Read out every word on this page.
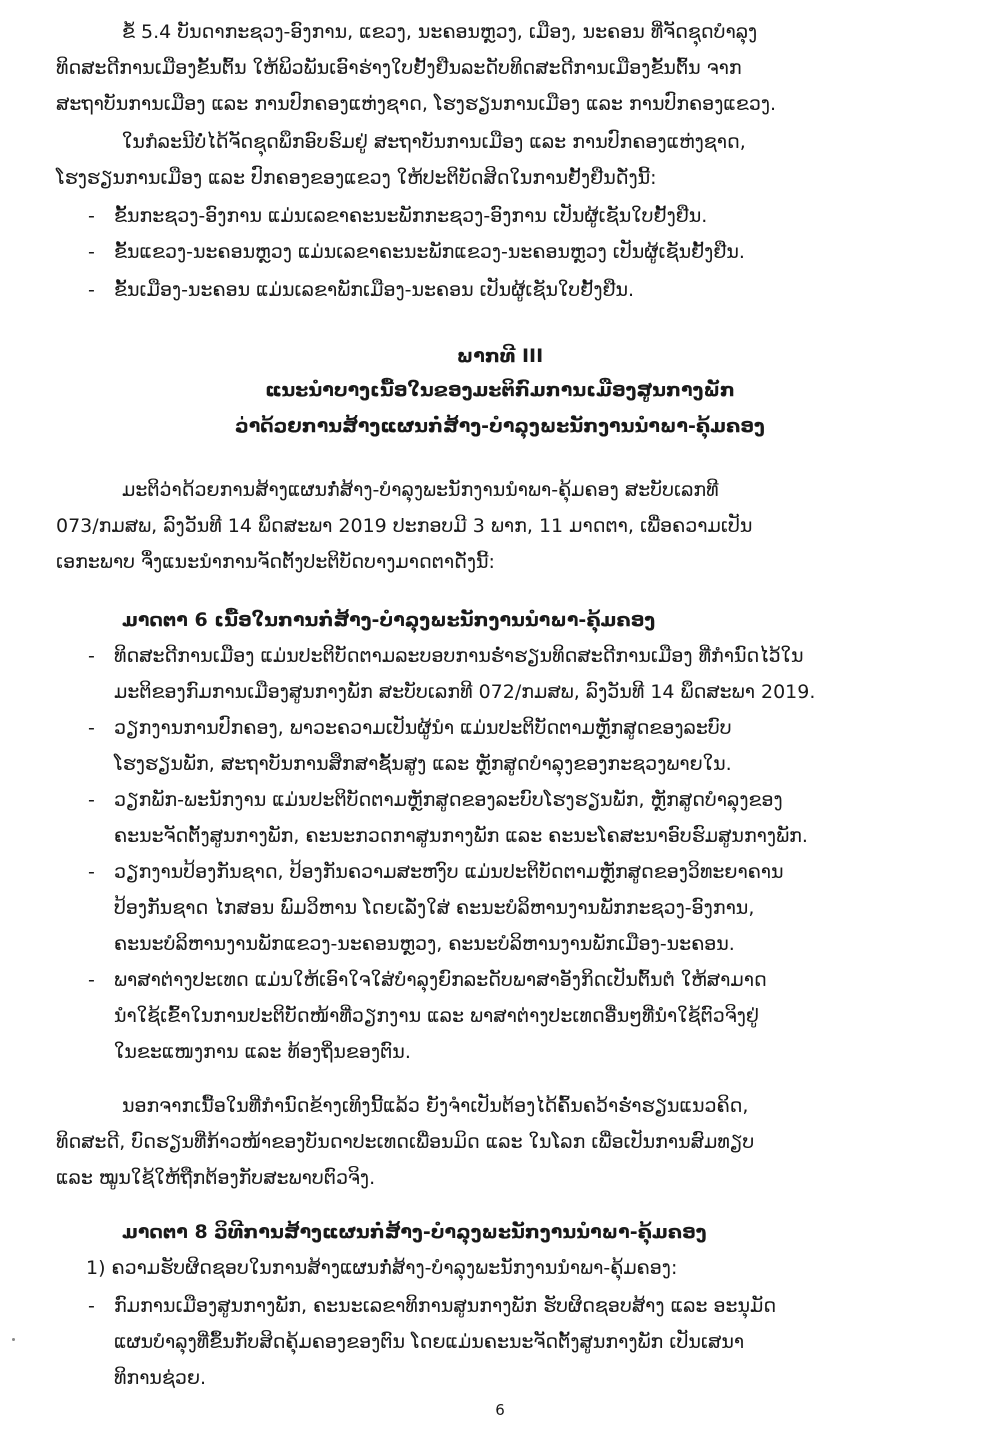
ຂໍ້ 5.4 ບັນດາກະຊວງ-ອົງການ, ແຂວງ, ນະຄອນຫຼວງ, ເມືອງ, ນະຄອນ ທີ່ຈັດຊຸດບຳລຸງ
ທິດສະດີການເມືອງຂັ້ນຕົ້ນ ໃຫ້ພິວພັນເອົາຮ່າງໃບຢັ້ງຢືນລະດັບທິດສະດີການເມືອງຂັ້ນຕົ້ນ ຈາກ
ສະຖາບັນການເມືອງ ແລະ ການປົກຄອງແຫ່ງຊາດ, ໂຮງຮຽນການເມືອງ ແລະ ການປົກຄອງແຂວງ.
ໃນກໍລະນີບໍ່ໄດ້ຈັດຊຸດພຶກອົບຮົມຢູ່ ສະຖາບັນການເມືອງ ແລະ ການປົກຄອງແຫ່ງຊາດ,
ໂຮງຮຽນການເມືອງ ແລະ ປົກຄອງຂອງແຂວງ ໃຫ້ປະຕິບັດສິດໃນການຢັ້ງຢືນດັ່ງນີ້:
- ຂັ້ນກະຊວງ-ອົງການ ແມ່ນເລຂາຄະນະພັກກະຊວງ-ອົງການ ເປັນຜູ້ເຊັນໃບຢັ້ງຢືນ.
- ຂັ້ນແຂວງ-ນະຄອນຫຼວງ ແມ່ນເລຂາຄະນະພັກແຂວງ-ນະຄອນຫຼວງ ເປັນຜູ້ເຊັນຢັ້ງຢືນ.
- ຂັ້ນເມືອງ-ນະຄອນ ແມ່ນເລຂາພັກເມືອງ-ນະຄອນ ເປັນຜູ້ເຊັນໃບຢັ້ງຢືນ.
ພາກທີ III
ແນະນຳບາງເນື້ອໃນຂອງມະຕິກົມການເມືອງສູນກາງພັກ
ວ່າດ້ວຍການສ້າງແຜນກໍ່ສ້າງ-ບຳລຸງພະນັກງານນຳພາ-ຄຸ້ມຄອງ
ມະຕິວ່າດ້ວຍການສ້າງແຜນກໍ່ສ້າງ-ບຳລຸງພະນັກງານນຳພາ-ຄຸ້ມຄອງ ສະບັບເລກທີ
073/ກມສພ, ລົງວັນທີ 14 ພຶດສະພາ 2019 ປະກອບມີ 3 ພາກ, 11 ມາດຕາ, ເພື່ອຄວາມເປັນ
ເອກະພາບ ຈຶ່ງແນະນຳການຈັດຕັ້ງປະຕິບັດບາງມາດຕາດັ່ງນີ້:
ມາດຕາ 6 ເນື້ອໃນການກໍ່ສ້າງ-ບຳລຸງພະນັກງານນຳພາ-ຄຸ້ມຄອງ
- ທິດສະດີການເມືອງ ແມ່ນປະຕິບັດຕາມລະບອບການຮ່ຳຮຽນທິດສະດີການເມືອງ ທີ່ກຳນົດໄວ້ໃນ
ມະຕິຂອງກົມການເມືອງສູນກາງພັກ ສະບັບເລກທີ 072/ກມສພ, ລົງວັນທີ 14 ພຶດສະພາ 2019.
- ວຽກງານການປົກຄອງ, ພາວະຄວາມເປັນຜູ້ນຳ ແມ່ນປະຕິບັດຕາມຫຼັກສູດຂອງລະບົບ
ໂຮງຮຽນພັກ, ສະຖາບັນການສຶກສາຊັ້ນສູງ ແລະ ຫຼັກສູດບຳລຸງຂອງກະຊວງພາຍໃນ.
- ວຽກພັກ-ພະນັກງານ ແມ່ນປະຕິບັດຕາມຫຼັກສູດຂອງລະບົບໂຮງຮຽນພັກ, ຫຼັກສູດບຳລຸງຂອງ
ຄະນະຈັດຕັ້ງສູນກາງພັກ, ຄະນະກວດກາສູນກາງພັກ ແລະ ຄະນະໂຄສະນາອົບຮົມສູນກາງພັກ.
- ວຽກງານປ້ອງກັນຊາດ, ປ້ອງກັນຄວາມສະຫງົບ ແມ່ນປະຕິບັດຕາມຫຼັກສູດຂອງວິທະຍາຄານ
ປ້ອງກັນຊາດ ໄກສອນ ພົມວິຫານ ໂດຍເລັ່ງໃສ່ ຄະນະບໍລິຫານງານພັກກະຊວງ-ອົງການ,
ຄະນະບໍລິຫານງານພັກແຂວງ-ນະຄອນຫຼວງ, ຄະນະບໍລິຫານງານພັກເມືອງ-ນະຄອນ.
- ພາສາຕ່າງປະເທດ ແມ່ນໃຫ້ເອົາໃຈໃສ່ບຳລຸງຍົກລະດັບພາສາອັງກິດເປັນຕົ້ນຕໍ ໃຫ້ສາມາດ
ນຳໃຊ້ເຂົ້າໃນການປະຕິບັດໜ້າທີ່ວຽກງານ ແລະ ພາສາຕ່າງປະເທດອື່ນໆທີ່ນຳໃຊ້ຕົວຈິງຢູ່
ໃນຂະແໜງການ ແລະ ທ້ອງຖິ່ນຂອງຕົນ.
ນອກຈາກເນື້ອໃນທີ່ກຳນົດຂ້າງເທິງນີ້ແລ້ວ ຍັງຈຳເປັນຕ້ອງໄດ້ຄົ້ນຄວ້າຮ່ຳຮຽນແນວຄິດ,
ທິດສະດີ, ບົດຮຽນທີ່ກ້າວໜ້າຂອງບັນດາປະເທດເພື່ອນມິດ ແລະ ໃນໂລກ ເພື່ອເປັນການສົມທຽບ
ແລະ ໝູນໃຊ້ໃຫ້ຖືກຕ້ອງກັບສະພາບຕົວຈິງ.
ມາດຕາ 8 ວິທີການສ້າງແຜນກໍ່ສ້າງ-ບຳລຸງພະນັກງານນຳພາ-ຄຸ້ມຄອງ
1) ຄວາມຮັບຜິດຊອບໃນການສ້າງແຜນກໍ່ສ້າງ-ບຳລຸງພະນັກງານນຳພາ-ຄຸ້ມຄອງ:
- ກົມການເມືອງສູນກາງພັກ, ຄະນະເລຂາທິການສູນກາງພັກ ຮັບຜິດຊອບສ້າງ ແລະ ອະນຸມັດ
ແຜນບຳລຸງທີ່ຂຶ້ນກັບສິດຄຸ້ມຄອງຂອງຕົນ ໂດຍແມ່ນຄະນະຈັດຕັ້ງສູນກາງພັກ ເປັນເສນາ
ທິການຊ່ວຍ.
6
